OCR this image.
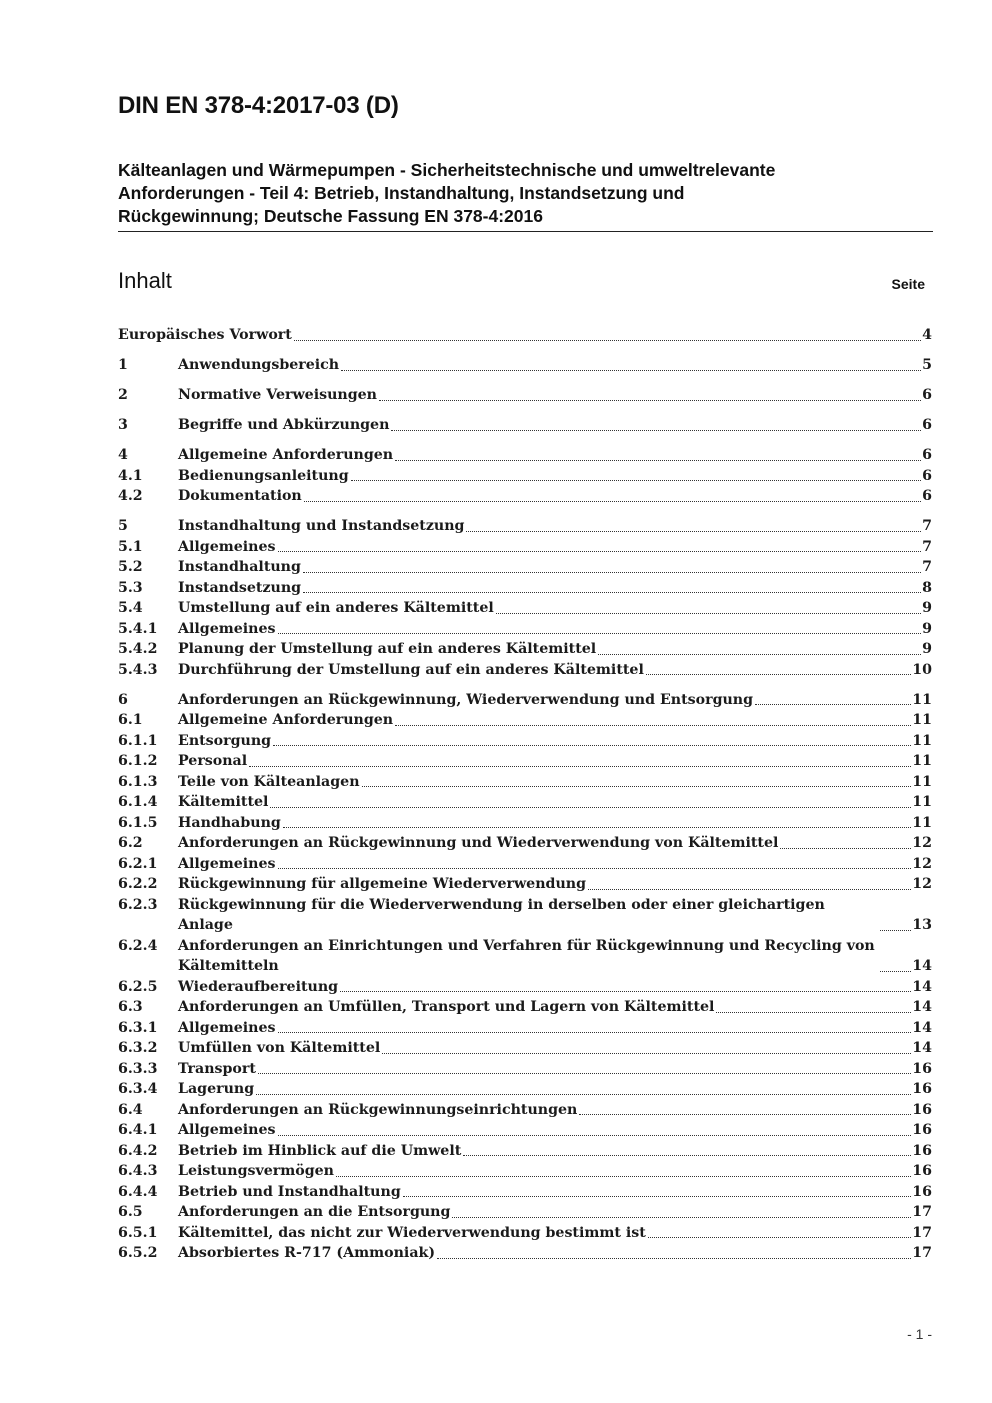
DIN EN 378-4:2017-03 (D)
Kälteanlagen und Wärmepumpen - Sicherheitstechnische und umweltrelevante
Anforderungen - Teil 4: Betrieb, Instandhaltung, Instandsetzung und
Rückgewinnung; Deutsche Fassung EN 378-4:2016
Inhalt	Seite
Europäisches Vorwort	4
1	Anwendungsbereich	5
2	Normative Verweisungen	6
3	Begriffe und Abkürzungen	6
4	Allgemeine Anforderungen	6
4.1 Bedienungsanleitung	6
4.2 Dokumentation	6
5	Instandhaltung und Instandsetzung	7
5.1 Allgemeines	7
5.2 Instandhaltung	7
5.3 Instandsetzung	8
5.4 Umstellung auf ein anderes Kältemittel	9
5.4.1 Allgemeines	9
5.4.2 Planung der Umstellung auf ein anderes Kältemittel	9
5.4.3 Durchführung der Umstellung auf ein anderes Kältemittel	10
6	Anforderungen an Rückgewinnung, Wiederverwendung und Entsorgung	11
6.1 Allgemeine Anforderungen	11
6.1.1 Entsorgung	11
6.1.2 Personal	11
6.1.3 Teile von Kälteanlagen	11
6.1.4 Kältemittel	11
6.1.5 Handhabung	11
6.2 Anforderungen an Rückgewinnung und Wiederverwendung von Kältemittel	12
6.2.1 Allgemeines	12
6.2.2 Rückgewinnung für allgemeine Wiederverwendung	12
6.2.3 Rückgewinnung für die Wiederverwendung in derselben oder einer gleichartigen Anlage	13
6.2.4 Anforderungen an Einrichtungen und Verfahren für Rückgewinnung und Recycling von Kältemitteln	14
6.2.5 Wiederaufbereitung	14
6.3 Anforderungen an Umfüllen, Transport und Lagern von Kältemittel	14
6.3.1 Allgemeines	14
6.3.2 Umfüllen von Kältemittel	14
6.3.3 Transport	16
6.3.4 Lagerung	16
6.4 Anforderungen an Rückgewinnungseinrichtungen	16
6.4.1 Allgemeines	16
6.4.2 Betrieb im Hinblick auf die Umwelt	16
6.4.3 Leistungsvermögen	16
6.4.4 Betrieb und Instandhaltung	16
6.5 Anforderungen an die Entsorgung	17
6.5.1 Kältemittel, das nicht zur Wiederverwendung bestimmt ist	17
6.5.2 Absorbiertes R-717 (Ammoniak)	17
- 1 -
